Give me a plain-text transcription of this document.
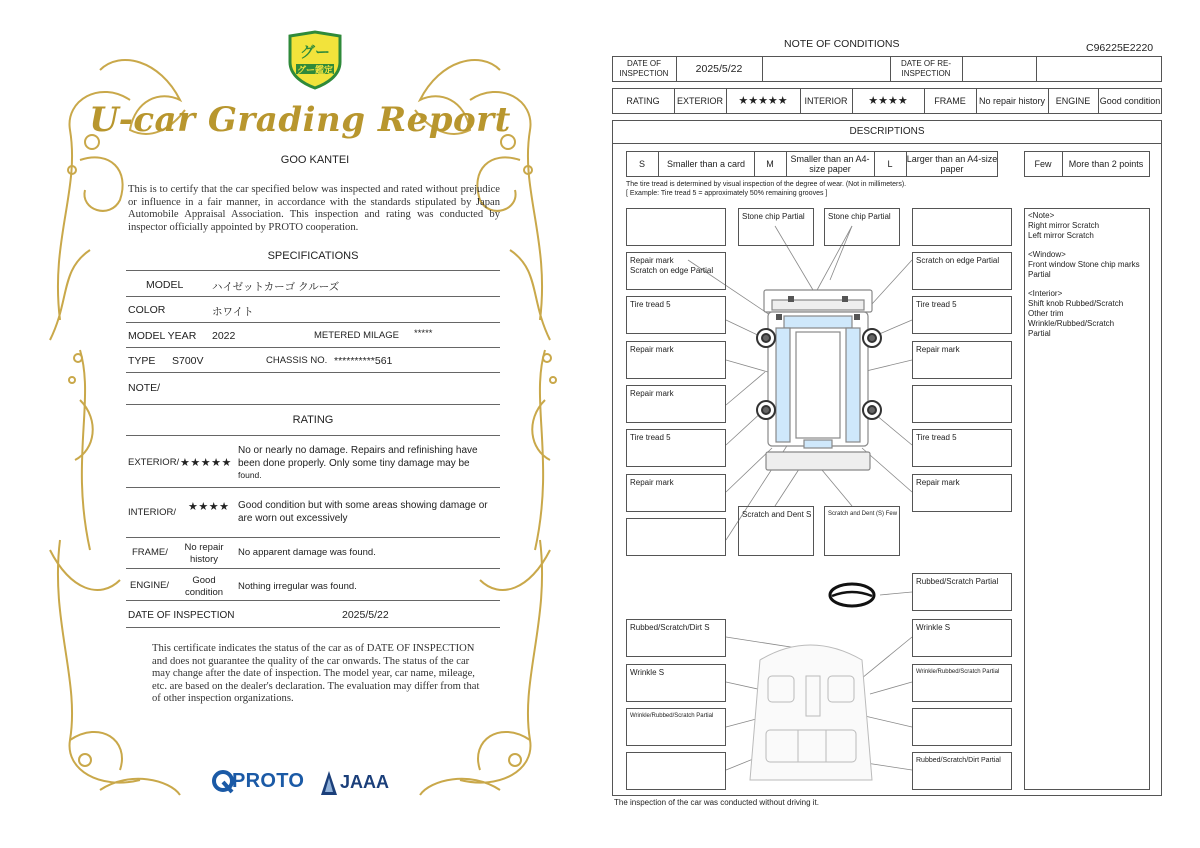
グー
グー鑑定
U-car Grading Report
GOO KANTEI
This is to certify that the car specified below was inspected and rated without prejudice or influence in a fair manner, in accordance with the standards stipulated by Japan Automobile Appraisal Association. This inspection and rating was conducted by inspector officially appointed by PROTO cooperation.
SPECIFICATIONS
MODEL	ハイゼットカーゴ クルーズ
COLOR	ホワイト
MODEL YEAR 2022	METERED MILAGE *****
TYPE S700V	CHASSIS NO. **********561
NOTE/
RATING
EXTERIOR/ ★★★★★
No or nearly no damage. Repairs and refinishing have been done properly. Only some tiny damage may be
found.
INTERIOR/ ★★★★ Good condition but with some areas showing damage or are worn out excessively
FRAME/	No repair history
No apparent damage was found.
ENGINE/	Good condition	Nothing irregular was found.
DATE OF INSPECTION	2025/5/22
This certificate indicates the status of the car as of DATE OF INSPECTION and does not guarantee the quality of the car onwards. The status of the car may change after the date of inspection. The model year, car name, mileage, etc. are based on the dealer's declaration. The evaluation may differ from that of other inspection organizations.
PROTO JAAA
NOTE OF CONDITIONS	C96225E2220
DATE OF INSPECTION	2025/5/22	DATE OF RE-INSPECTION
RATING	EXTERIOR	★★★★★	INTERIOR	★★★★	FRAME	No repair history	ENGINE	Good condition
DESCRIPTIONS
S	Smaller than a card	M	Smaller than an A4-size paper	L	Larger than an A4-size paper	Few	More than 2 points
The tire tread is determined by visual inspection of the degree of wear. (Not in millimeters).
[ Example: Tire tread 5 = approximately 50% remaining grooves ]
Stone chip Partial	Stone chip Partial
Repair mark
Scratch on edge Partial
Scratch on edge Partial
Tire tread 5	Tire tread 5
Repair mark	Repair mark
Repair mark
Tire tread 5	Tire tread 5
Repair mark	Repair mark
Scratch and Dent S	Scratch and Dent (S) Few
Rubbed/Scratch Partial
Rubbed/Scratch/Dirt S	Wrinkle S
Wrinkle S	Wrinkle/Rubbed/Scratch Partial
Wrinkle/Rubbed/Scratch Partial
Rubbed/Scratch/Dirt Partial
<Note>
Right mirror Scratch
Left mirror Scratch
<Window>
Front window Stone chip marks
Partial
<Interior>
Shift knob Rubbed/Scratch
Other trim
Wrinkle/Rubbed/Scratch
Partial
The inspection of the car was conducted without driving it.
